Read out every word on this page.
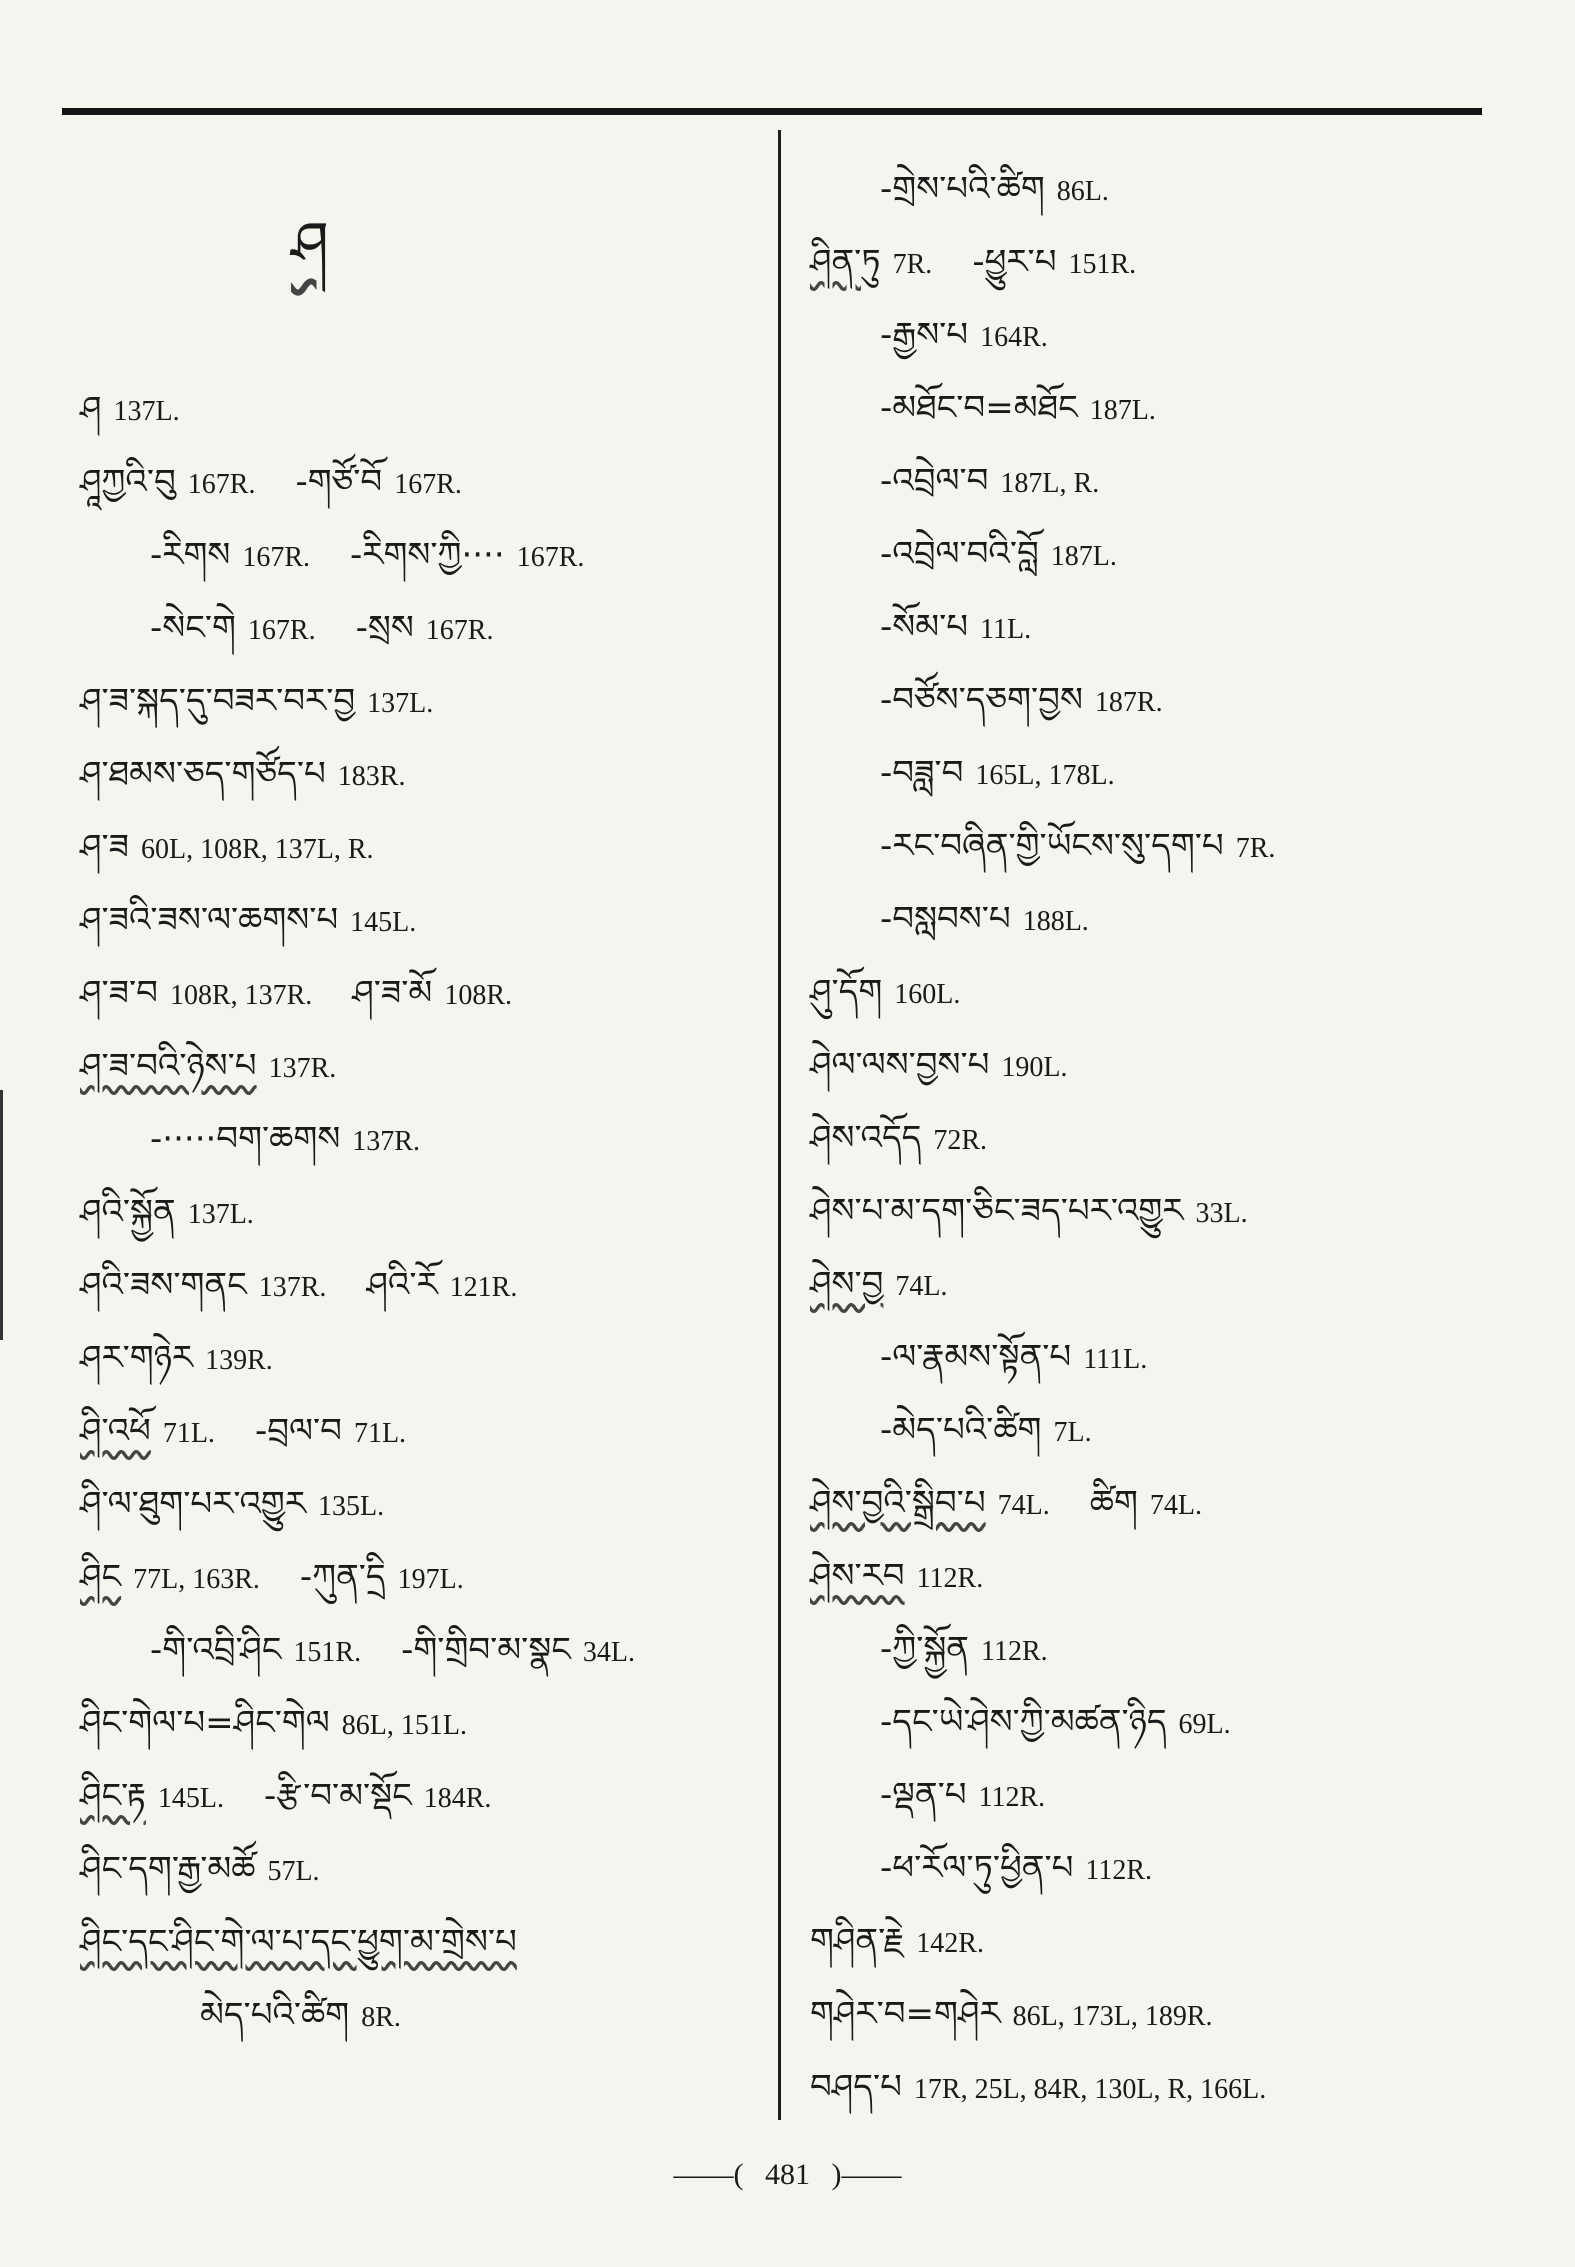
ཤ
ཤ 137L.
ཤཱཀྱའི་བུ 167R. -གཙོ་བོ 167R.
-རིགས 167R. -རིགས་ཀྱི···· 167R.
-སེང་གེ 167R. -སྲས 167R.
ཤ་ཟ་སྐད་དུ་བཟར་བར་བྱ 137L.
ཤ་ཐམས་ཅད་གཙོད་པ 183R.
ཤ་ཟ 60L, 108R, 137L, R.
ཤ་ཟའི་ཟས་ལ་ཆགས་པ 145L.
ཤ་ཟ་བ 108R, 137R. ཤ་ཟ་མོ 108R.
ཤ་ཟ་བའི་ཉེས་པ 137R.
-·····བག་ཆགས 137R.
ཤའི་སྐྱོན 137L.
ཤའི་ཟས་གནང 137R. ཤའི་རོ 121R.
ཤར་གཉེར 139R.
ཤི་འཕོ 71L. -བྲལ་བ 71L.
ཤི་ལ་ཐུག་པར་འགྱུར 135L.
ཤིང 77L, 163R. -ཀུན་དྲི 197L.
-གི་འབྲི་ཤིང 151R. -གི་གྲིབ་མ་སྣང 34L.
ཤིང་གེལ་པ=ཤིང་གེལ 86L, 151L.
ཤིང་རྟ 145L. -རྩི་བ་མ་སྡོང 184R.
ཤིང་དག་རྒྱ་མཚོ 57L.
ཤིང་དང་ཤིང་གེ་ལ་པ་དང་ཕྱུག་མ་གྲེས་པ
མེད་པའི་ཚིག 8R.
-གྲེས་པའི་ཚིག 86L.
ཤིན་ཏུ 7R. -ཕྱུར་པ 151R.
-རྒྱས་པ 164R.
-མཐོང་བ=མཐོང 187L.
-འབྲེལ་བ 187L, R.
-འབྲེལ་བའི་བློ 187L.
-སོམ་པ 11L.
-བཙོས་དཅག་བྱས 187R.
-བཟླ་བ 165L, 178L.
-རང་བཞིན་གྱི་ཡོངས་སུ་དག་པ 7R.
-བསླབས་པ 188L.
ཤུ་དོག 160L.
ཤེལ་ལས་བྱས་པ 190L.
ཤེས་འདོད 72R.
ཤེས་པ་མ་དག་ཅིང་ཟད་པར་འགྱུར 33L.
ཤེས་བྱ 74L.
-ལ་རྣམས་སྟོན་པ 111L.
-མེད་པའི་ཚིག 7L.
ཤེས་བྱའི་སྒྲིབ་པ 74L. ཚིག 74L.
ཤེས་རབ 112R.
-ཀྱི་སྐྱོན 112R.
-དང་ཡེ་ཤེས་ཀྱི་མཚན་ཉིད 69L.
-ལྡན་པ 112R.
-ཕ་རོལ་ཏུ་ཕྱིན་པ 112R.
གཤིན་རྗེ 142R.
གཤེར་བ=གཤེར 86L, 173L, 189R.
བཤད་པ 17R, 25L, 84R, 130L, R, 166L.
——( 481 )——
